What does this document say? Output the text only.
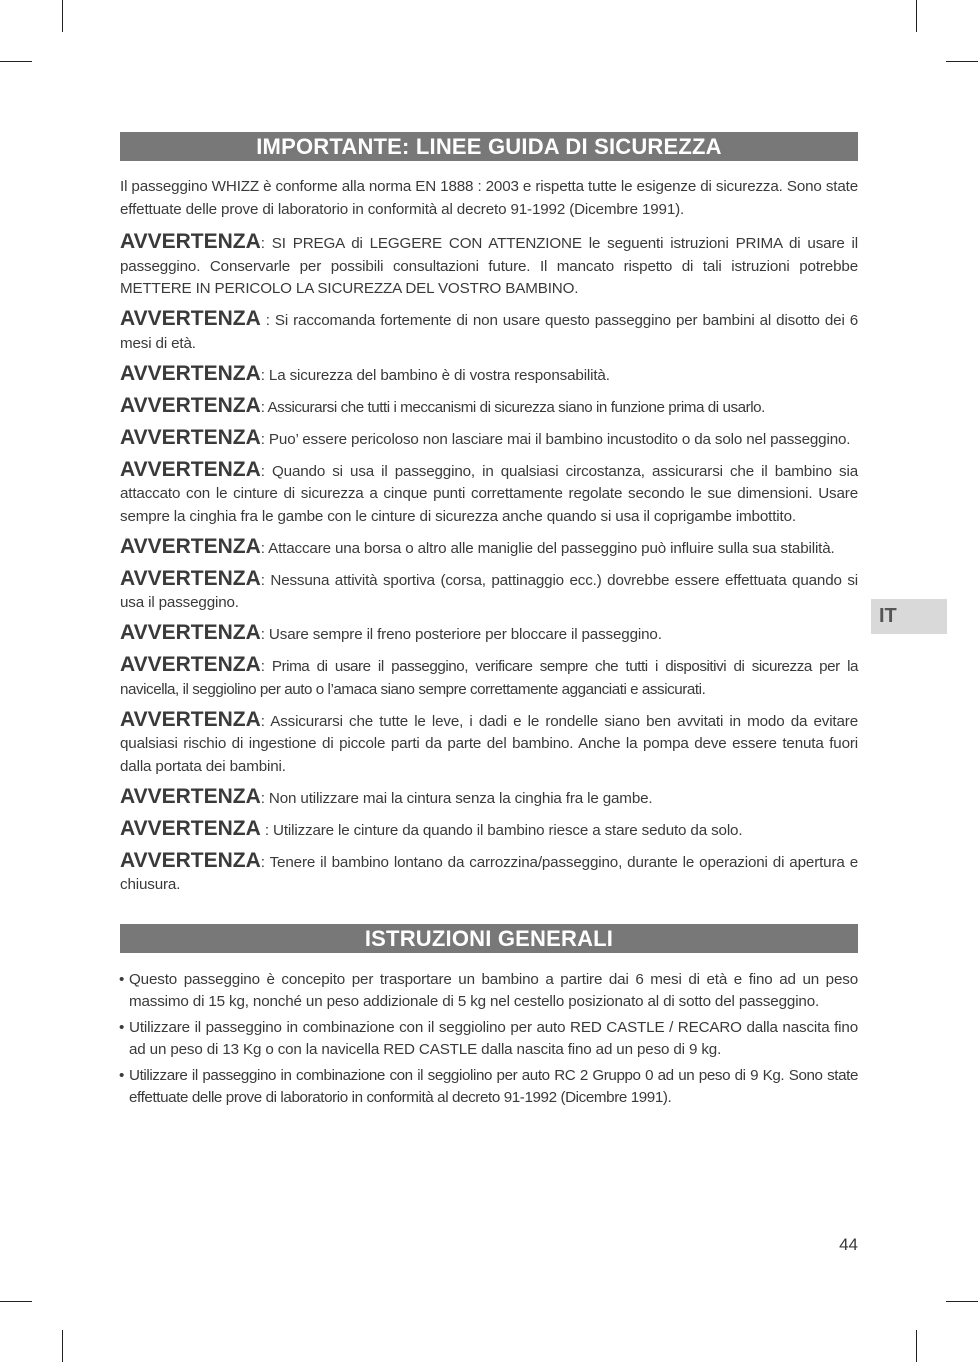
IMPORTANTE: LINEE GUIDA DI SICUREZZA

Il passeggino WHIZZ è conforme alla norma EN 1888 : 2003 e rispetta tutte le esigenze di sicurezza. Sono state effettuate delle prove di laboratorio in conformità al decreto 91-1992 (Dicembre 1991).

AVVERTENZA: SI PREGA di LEGGERE CON ATTENZIONE le seguenti istruzioni PRIMA di usare il passeggino. Conservarle per possibili consultazioni future. Il mancato rispetto di tali istruzioni potrebbe METTERE IN PERICOLO LA SICUREZZA DEL VOSTRO BAMBINO.

AVVERTENZA : Si raccomanda fortemente di non usare questo passeggino per bambini al disotto dei 6 mesi di età.

AVVERTENZA: La sicurezza del bambino è di vostra responsabilità.

AVVERTENZA: Assicurarsi che tutti i meccanismi di sicurezza siano in funzione prima di usarlo.

AVVERTENZA: Puo’ essere pericoloso non lasciare mai il bambino incustodito o da solo nel passeggino.

AVVERTENZA: Quando si usa il passeggino, in qualsiasi circostanza, assicurarsi che il bambino sia attaccato con le cinture di sicurezza a cinque punti correttamente regolate secondo le sue dimensioni. Usare sempre la cinghia fra le gambe con le cinture di sicurezza anche quando si usa il coprigambe imbottito.

AVVERTENZA: Attaccare una borsa o altro alle maniglie del passeggino può influire sulla sua stabilità.

AVVERTENZA: Nessuna attività sportiva (corsa, pattinaggio ecc.) dovrebbe essere effettuata quando si usa il passeggino.

AVVERTENZA: Usare sempre il freno posteriore per bloccare il passeggino.

AVVERTENZA: Prima di usare il passeggino, verificare sempre che tutti i dispositivi di sicurezza per la navicella, il seggiolino per auto o l’amaca siano sempre correttamente agganciati e assicurati.

AVVERTENZA: Assicurarsi che tutte le leve, i dadi e le rondelle siano ben avvitati in modo da evitare qualsiasi rischio di ingestione di piccole parti da parte del bambino. Anche la pompa deve essere tenuta fuori dalla portata dei bambini.

AVVERTENZA: Non utilizzare mai la cintura senza la cinghia fra le gambe.

AVVERTENZA : Utilizzare le cinture da quando il bambino riesce a stare seduto da solo.

AVVERTENZA: Tenere il bambino lontano da carrozzina/passeggino, durante le operazioni di apertura e chiusura.

ISTRUZIONI GENERALI
• Questo passeggino è concepito per trasportare un bambino a partire dai 6 mesi di età e fino ad un peso massimo di 15 kg, nonché un peso addizionale di 5 kg nel cestello posizionato al di sotto del passeggino.
• Utilizzare il passeggino in combinazione con il seggiolino per auto RED CASTLE / RECARO dalla nascita fino ad un peso di 13 Kg o con la navicella RED CASTLE dalla nascita fino ad un peso di 9 kg.
• Utilizzare il passeggino in combinazione con il seggiolino per auto RC 2 Gruppo 0 ad un peso di 9 Kg. Sono state effettuate delle prove di laboratorio in conformità al decreto 91-1992 (Dicembre 1991).
IT
44
